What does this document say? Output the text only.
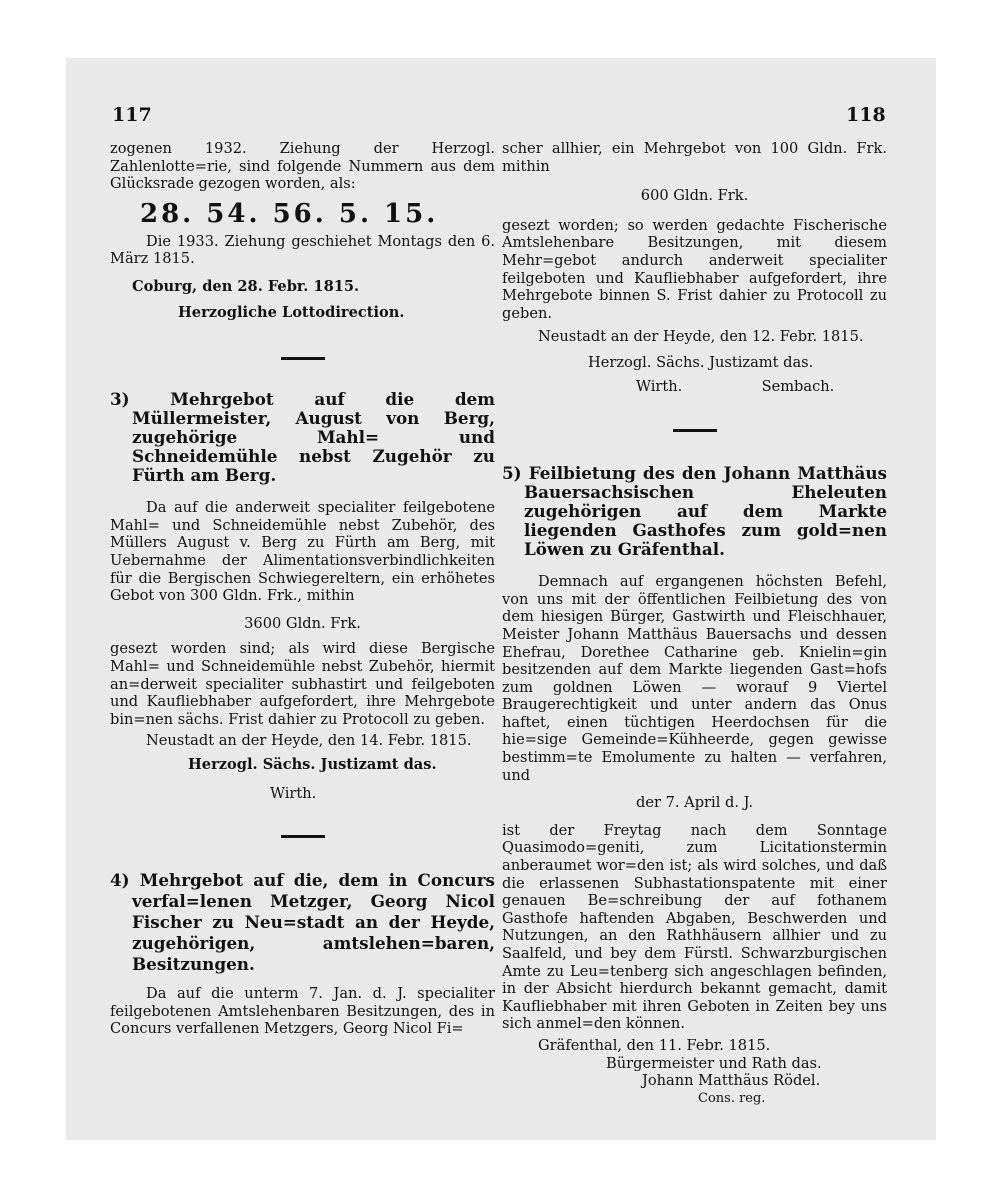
117	118

zogenen 1932. Ziehung der Herzogl. Zahlenlotte=rie, sind folgende Nummern aus dem Glücksrade gezogen worden, als:

28. 54. 56. 5. 15.

Die 1933. Ziehung geschiehet Montags den 6. März 1815.

Coburg, den 28. Febr. 1815.

Herzogliche Lottodirection.

3) Mehrgebot auf die dem Müllermeister, August von Berg, zugehörige Mahl= und Schneidemühle nebst Zugehör zu Fürth am Berg.

Da auf die anderweit specialiter feilgebotene Mahl= und Schneidemühle nebst Zubehör, des Müllers August v. Berg zu Fürth am Berg, mit Uebernahme der Alimentationsverbindlichkeiten für die Bergischen Schwiegereltern, ein erhöhetes Gebot von 300 Gldn. Frk., mithin

3600 Gldn. Frk.

gesezt worden sind; als wird diese Bergische Mahl= und Schneidemühle nebst Zubehör, hiermit an=derweit specialiter subhastirt und feilgeboten und Kaufliebhaber aufgefordert, ihre Mehrgebote bin=nen sächs. Frist dahier zu Protocoll zu geben.

Neustadt an der Heyde, den 14. Febr. 1815.

Herzogl. Sächs. Justizamt das.

Wirth.

4) Mehrgebot auf die, dem in Concurs verfal=lenen Metzger, Georg Nicol Fischer zu Neu=stadt an der Heyde, zugehörigen, amtslehen=baren, Besitzungen.

Da auf die unterm 7. Jan. d. J. specialiter feilgebotenen Amtslehenbaren Besitzungen, des in Concurs verfallenen Metzgers, Georg Nicol Fi=

scher allhier, ein Mehrgebot von 100 Gldn. Frk. mithin

600 Gldn. Frk.

gesezt worden; so werden gedachte Fischerische Amtslehenbare Besitzungen, mit diesem Mehr=gebot andurch anderweit specialiter feilgeboten und Kaufliebhaber aufgefordert, ihre Mehrgebote binnen S. Frist dahier zu Protocoll zu geben.

Neustadt an der Heyde, den 12. Febr. 1815.

Herzogl. Sächs. Justizamt das.

Wirth.	Sembach.

5) Feilbietung des den Johann Matthäus Bauersachsischen Eheleuten zugehörigen auf dem Markte liegenden Gasthofes zum gold=nen Löwen zu Gräfenthal.

Demnach auf ergangenen höchsten Befehl, von uns mit der öffentlichen Feilbietung des von dem hiesigen Bürger, Gastwirth und Fleischhauer, Meister Johann Matthäus Bauersachs und dessen Ehefrau, Dorethee Catharine geb. Knielin=gin besitzenden auf dem Markte liegenden Gast=hofs zum goldnen Löwen — worauf 9 Viertel Braugerechtigkeit und unter andern das Onus haftet, einen tüchtigen Heerdochsen für die hie=sige Gemeinde=Kühheerde, gegen gewisse bestimm=te Emolumente zu halten — verfahren, und

der 7. April d. J.

ist der Freytag nach dem Sonntage Quasimodo=geniti, zum Licitationstermin anberaumet wor=den ist; als wird solches, und daß die erlassenen Subhastationspatente mit einer genauen Be=schreibung der auf fothanem Gasthofe haftenden Abgaben, Beschwerden und Nutzungen, an den Rathhäusern allhier und zu Saalfeld, und bey dem Fürstl. Schwarzburgischen Amte zu Leu=tenberg sich angeschlagen befinden, in der Absicht hierdurch bekannt gemacht, damit Kaufliebhaber mit ihren Geboten in Zeiten bey uns sich anmel=den können.

Gräfenthal, den 11. Febr. 1815.

Bürgermeister und Rath das.

Johann Matthäus Rödel.

Cons. reg.
